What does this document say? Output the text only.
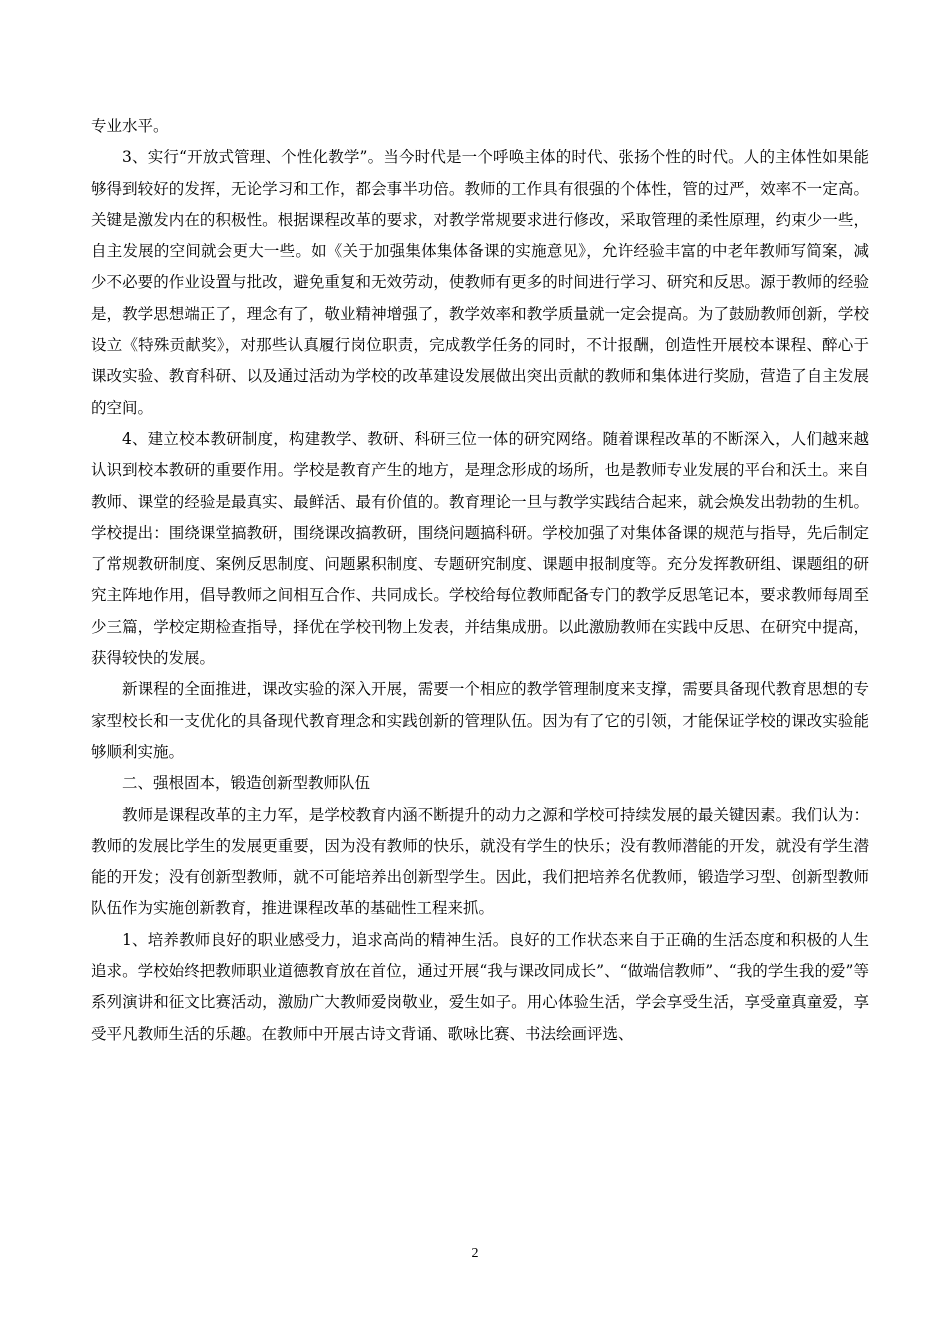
专业水平。

3、实行“开放式管理、个性化教学”。当今时代是一个呼唤主体的时代、张扬个性的时代。人的主体性如果能够得到较好的发挥，无论学习和工作，都会事半功倍。教师的工作具有很强的个体性，管的过严，效率不一定高。关键是激发内在的积极性。根据课程改革的要求，对教学常规要求进行修改，采取管理的柔性原理，约束少一些，自主发展的空间就会更大一些。如《关于加强集体集体备课的实施意见》，允许经验丰富的中老年教师写简案，减少不必要的作业设置与批改，避免重复和无效劳动，使教师有更多的时间进行学习、研究和反思。源于教师的经验是，教学思想端正了，理念有了，敬业精神增强了，教学效率和教学质量就一定会提高。为了鼓励教师创新，学校设立《特殊贡献奖》，对那些认真履行岗位职责，完成教学任务的同时，不计报酬，创造性开展校本课程、醉心于课改实验、教育科研、以及通过活动为学校的改革建设发展做出突出贡献的教师和集体进行奖励，营造了自主发展的空间。

4、建立校本教研制度，构建教学、教研、科研三位一体的研究网络。随着课程改革的不断深入，人们越来越认识到校本教研的重要作用。学校是教育产生的地方，是理念形成的场所，也是教师专业发展的平台和沃土。来自教师、课堂的经验是最真实、最鲜活、最有价值的。教育理论一旦与教学实践结合起来，就会焕发出勃勃的生机。学校提出：围绕课堂搞教研，围绕课改搞教研，围绕问题搞科研。学校加强了对集体备课的规范与指导，先后制定了常规教研制度、案例反思制度、问题累积制度、专题研究制度、课题申报制度等。充分发挥教研组、课题组的研究主阵地作用，倡导教师之间相互合作、共同成长。学校给每位教师配备专门的教学反思笔记本，要求教师每周至少三篇，学校定期检查指导，择优在学校刊物上发表，并结集成册。以此激励教师在实践中反思、在研究中提高，获得较快的发展。

新课程的全面推进，课改实验的深入开展，需要一个相应的教学管理制度来支撑，需要具备现代教育思想的专家型校长和一支优化的具备现代教育理念和实践创新的管理队伍。因为有了它的引领，才能保证学校的课改实验能够顺利实施。

二、强根固本，锻造创新型教师队伍

教师是课程改革的主力军，是学校教育内涵不断提升的动力之源和学校可持续发展的最关键因素。我们认为：教师的发展比学生的发展更重要，因为没有教师的快乐，就没有学生的快乐；没有教师潜能的开发，就没有学生潜能的开发；没有创新型教师，就不可能培养出创新型学生。因此，我们把培养名优教师，锻造学习型、创新型教师队伍作为实施创新教育，推进课程改革的基础性工程来抓。

1、培养教师良好的职业感受力，追求高尚的精神生活。良好的工作状态来自于正确的生活态度和积极的人生追求。学校始终把教师职业道德教育放在首位，通过开展“我与课改同成长”、“做端信教师”、“我的学生我的爱”等系列演讲和征文比赛活动，激励广大教师爱岗敬业，爱生如子。用心体验生活，学会享受生活，享受童真童爱，享受平凡教师生活的乐趣。在教师中开展古诗文背诵、歌咏比赛、书法绘画评选、

2
